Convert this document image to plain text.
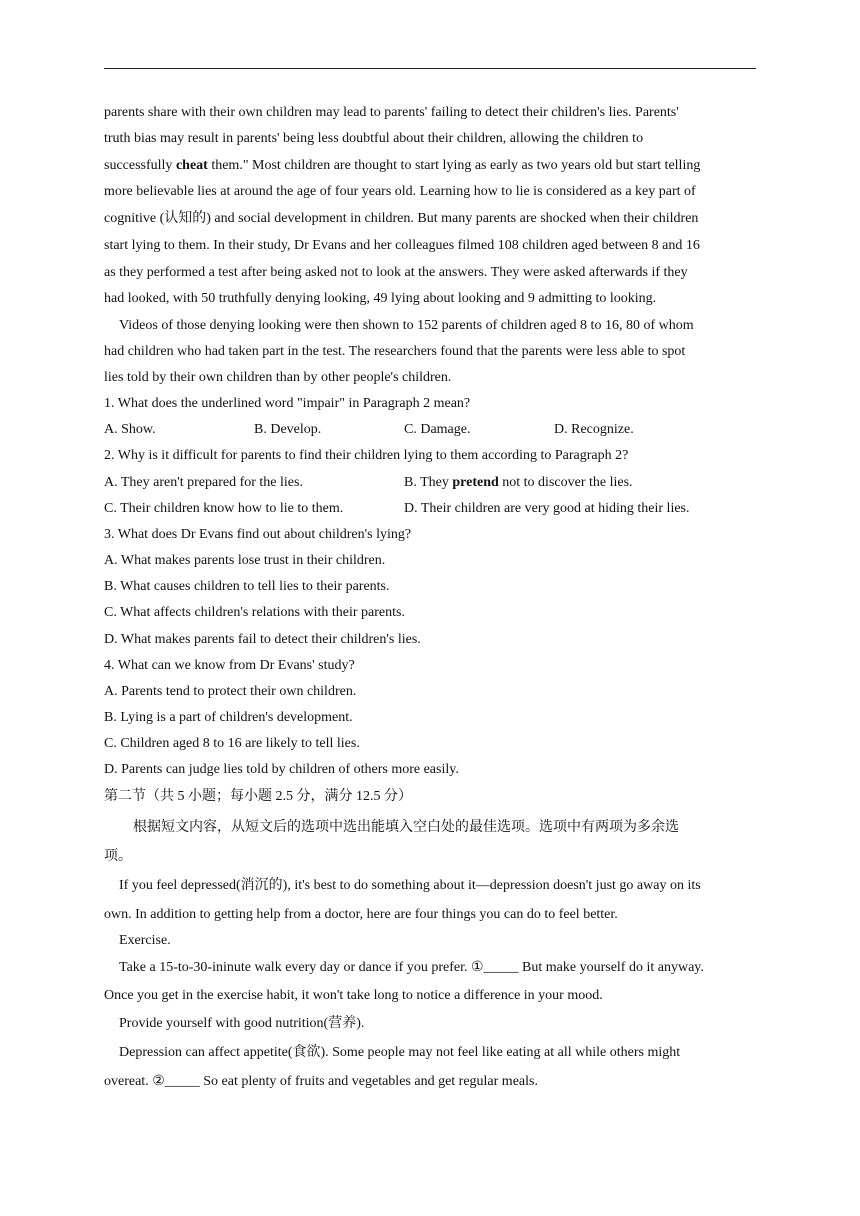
parents share with their own children may lead to parents' failing to detect their children's lies. Parents'
truth bias may result in parents' being less doubtful about their children, allowing the children to
successfully cheat them." Most children are thought to start lying as early as two years old but start telling
more believable lies at around the age of four years old. Learning how to lie is considered as a key part of
cognitive (认知的) and social development in children. But many parents are shocked when their children
start lying to them. In their study, Dr Evans and her colleagues filmed 108 children aged between 8 and 16
as they performed a test after being asked not to look at the answers. They were asked afterwards if they
had looked, with 50 truthfully denying looking, 49 lying about looking and 9 admitting to looking.
Videos of those denying looking were then shown to 152 parents of children aged 8 to 16, 80 of whom
had children who had taken part in the test. The researchers found that the parents were less able to spot
lies told by their own children than by other people's children.
1. What does the underlined word "impair" in Paragraph 2 mean?
A. Show.	B. Develop.	C. Damage.	D. Recognize.
2. Why is it difficult for parents to find their children lying to them according to Paragraph 2?
A. They aren't prepared for the lies.	B. They pretend not to discover the lies.
C. Their children know how to lie to them.	D. Their children are very good at hiding their lies.
3. What does Dr Evans find out about children's lying?
A. What makes parents lose trust in their children.
B. What causes children to tell lies to their parents.
C. What affects children's relations with their parents.
D. What makes parents fail to detect their children's lies.
4. What can we know from Dr Evans' study?
A. Parents tend to protect their own children.
B. Lying is a part of children's development.
C. Children aged 8 to 16 are likely to tell lies.
D. Parents can judge lies told by children of others more easily.
第二节（共 5 小题；每小题 2.5 分，满分 12.5 分）
根据短文内容，从短文后的选项中选出能填入空白处的最佳选项。选项中有两项为多余选
项。
If you feel depressed(消沉的), it's best to do something about it—depression doesn't just go away on its
own. In addition to getting help from a doctor, here are four things you can do to feel better.
Exercise.
Take a 15-to-30-ininute walk every day or dance if you prefer. ①_____ But make yourself do it anyway.
Once you get in the exercise habit, it won't take long to notice a difference in your mood.
Provide yourself with good nutrition(营养).
Depression can affect appetite(食欲). Some people may not feel like eating at all while others might
overeat. ②_____ So eat plenty of fruits and vegetables and get regular meals.
